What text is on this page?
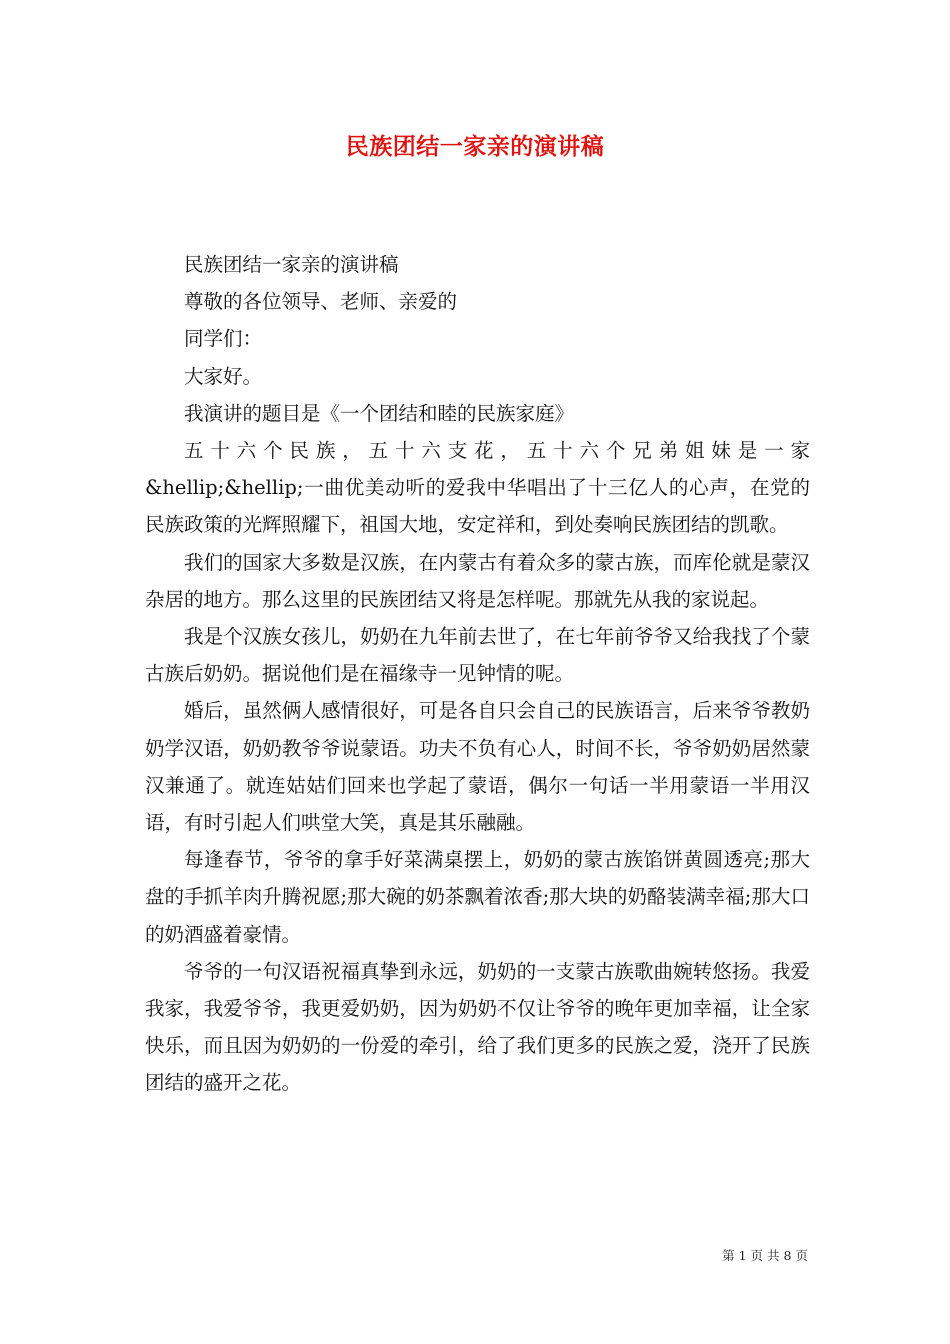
民族团结一家亲的演讲稿

民族团结一家亲的演讲稿

尊敬的各位领导、老师、亲爱的

同学们：

大家好。

我演讲的题目是《一个团结和睦的民族家庭》

五十六个民族，五十六支花，五十六个兄弟姐妹是一家&hellip;&hellip;一曲优美动听的爱我中华唱出了十三亿人的心声，在党的民族政策的光辉照耀下，祖国大地，安定祥和，到处奏响民族团结的凯歌。

我们的国家大多数是汉族，在内蒙古有着众多的蒙古族，而库伦就是蒙汉杂居的地方。那么这里的民族团结又将是怎样呢。那就先从我的家说起。

我是个汉族女孩儿，奶奶在九年前去世了，在七年前爷爷又给我找了个蒙古族后奶奶。据说他们是在福缘寺一见钟情的呢。

婚后，虽然俩人感情很好，可是各自只会自己的民族语言，后来爷爷教奶奶学汉语，奶奶教爷爷说蒙语。功夫不负有心人，时间不长，爷爷奶奶居然蒙汉兼通了。就连姑姑们回来也学起了蒙语，偶尔一句话一半用蒙语一半用汉语，有时引起人们哄堂大笑，真是其乐融融。

每逢春节，爷爷的拿手好菜满桌摆上，奶奶的蒙古族馅饼黄圆透亮;那大盘的手抓羊肉升腾祝愿;那大碗的奶茶飘着浓香;那大块的奶酪装满幸福;那大口的奶酒盛着豪情。

爷爷的一句汉语祝福真挚到永远，奶奶的一支蒙古族歌曲婉转悠扬。我爱我家，我爱爷爷，我更爱奶奶，因为奶奶不仅让爷爷的晚年更加幸福，让全家快乐，而且因为奶奶的一份爱的牵引，给了我们更多的民族之爱，浇开了民族团结的盛开之花。

第 1 页 共 8 页
